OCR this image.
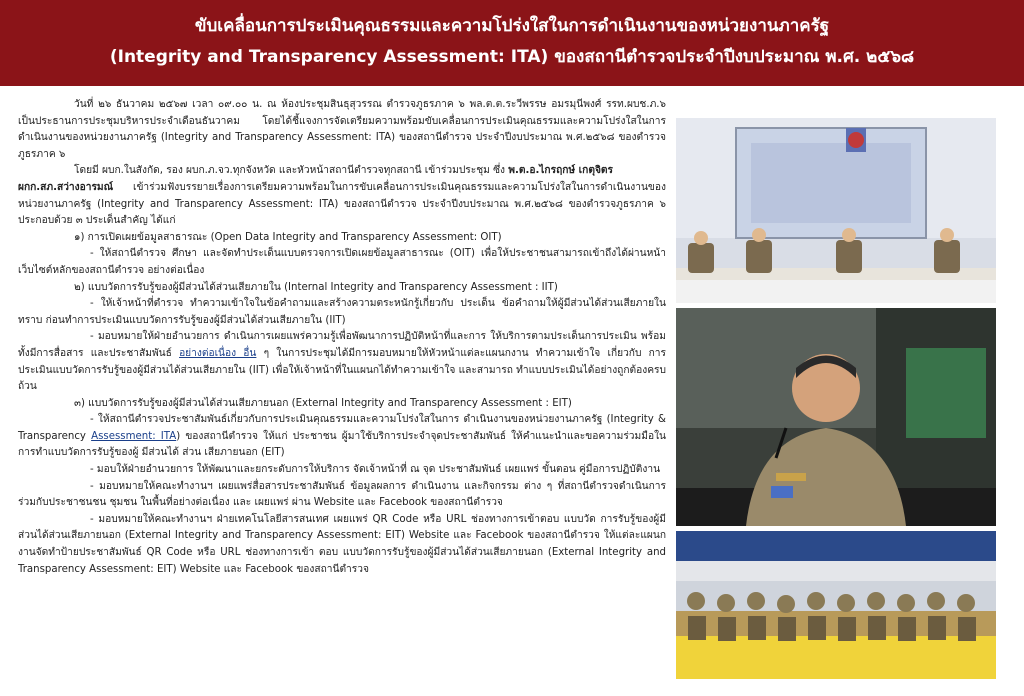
ขับเคลื่อนการประเมินคุณธรรมและความโปร่งใสในการดำเนินงานของหน่วยงานภาครัฐ
(Integrity and Transparency Assessment: ITA) ของสถานีตำรวจประจำปีงบประมาณ พ.ศ. ๒๕๖๘

วันที่ ๒๖ ธันวาคม ๒๕๖๗ เวลา ๐๙.๐๐ น. ณ ห้องประชุมสินธุสุวรรณ ตำรวจภูธรภาค ๖ พล.ต.ต.ระวีพรรษ อมรมุนีพงศ์ รรท.ผบช.ภ.๖ เป็นประธานการประชุมบริหารประจำเดือนธันวาคม โดยได้ชี้แจงการจัดเตรียมความพร้อมขับเคลื่อนการประเมินคุณธรรมและความโปร่งใสในการดำเนินงานของหน่วยงานภาครัฐ (Integrity and Transparency Assessment: ITA) ของสถานีตำรวจ ประจำปีงบประมาณ พ.ศ.๒๕๖๘ ของตำรวจภูธรภาค ๖

โดยมี ผบก.ในสังกัด, รอง ผบก.ภ.จว.ทุกจังหวัด และหัวหน้าสถานีตำรวจทุกสถานี เข้าร่วมประชุม ซึ่ง พ.ต.อ.ไกรฤกษ์ เกตุจิตร
ผกก.สภ.สว่างอารมณ์ เข้าร่วมฟังบรรยายเรื่องการเตรียมความพร้อมในการขับเคลื่อนการประเมินคุณธรรมและความโปร่งใสในการดำเนินงานของหน่วยงานภาครัฐ (Integrity and Transparency Assessment: ITA) ของสถานีตำรวจ ประจำปีงบประมาณ พ.ศ.๒๕๖๘ ของตำรวจภูธรภาค ๖ ประกอบด้วย ๓ ประเด็นสำคัญ ได้แก่

๑) การเปิดเผยข้อมูลสาธารณะ (Open Data Integrity and Transparency Assessment: OIT)

- ให้สถานีตำรวจ ศึกษา และจัดทำประเด็นแบบตรวจการเปิดเผยข้อมูลสาธารณะ (OIT) เพื่อให้ประชาชนสามารถเข้าถึงได้ผ่านหน้าเว็บไซต์หลักของสถานีตำรวจ อย่างต่อเนื่อง

๒) แบบวัดการรับรู้ของผู้มีส่วนได้ส่วนเสียภายใน (Internal Integrity and Transparency Assessment : IIT)

- ให้เจ้าหน้าที่ตำรวจ ทำความเข้าใจในข้อคำถามและสร้างความตระหนักรู้เกี่ยวกับ ประเด็น ข้อคำถามให้ผู้มีส่วนได้ส่วนเสียภายในทราบ ก่อนทำการประเมินแบบวัดการรับรู้ของผู้มีส่วนได้ส่วนเสียภายใน (IIT)

- มอบหมายให้ฝ่ายอำนวยการ ดำเนินการเผยแพร่ความรู้เพื่อพัฒนาการปฏิบัติหน้าที่และการ ให้บริการตามประเด็นการประเมิน พร้อมทั้งมีการสื่อสาร และประชาสัมพันธ์ อย่างต่อเนื่อง อื่น ๆ ในการประชุมได้มีการมอบหมายให้หัวหน้าแต่ละแผนกงาน ทำความเข้าใจ เกี่ยวกับ การประเมินแบบวัดการรับรู้ของผู้มีส่วนได้ส่วนเสียภายใน (IIT) เพื่อให้เจ้าหน้าที่ในแผนกได้ทำความเข้าใจ และสามารถ ทำแบบประเมินได้อย่างถูกต้องครบถ้วน

๓) แบบวัดการรับรู้ของผู้มีส่วนได้ส่วนเสียภายนอก (External Integrity and Transparency Assessment : EIT)

- ให้สถานีตำรวจประชาสัมพันธ์เกี่ยวกับการประเมินคุณธรรมและความโปร่งใสในการ ดำเนินงานของหน่วยงานภาครัฐ (Integrity & Transparency Assessment: ITA) ของสถานีตำรวจ ให้แก่ ประชาชน ผู้มาใช้บริการประจำจุดประชาสัมพันธ์ ให้คำแนะนำและขอความร่วมมือในการทำแบบวัดการรับรู้ของผู้ มีส่วนได้ ส่วน เสียภายนอก (EIT)

- มอบให้ฝ่ายอำนวยการ ให้พัฒนาและยกระดับการให้บริการ จัดเจ้าหน้าที่ ณ จุด ประชาสัมพันธ์ เผยแพร่ ขั้นตอน คู่มือการปฏิบัติงาน

- มอบหมายให้คณะทำงานฯ เผยแพร่สื่อสารประชาสัมพันธ์ ข้อมูลผลการ ดำเนินงาน และกิจกรรม ต่าง ๆ ที่สถานีตำรวจดำเนินการร่วมกับประชาชนชน ชุมชน ในพื้นที่อย่างต่อเนื่อง และ เผยแพร่ ผ่าน Website และ Facebook ของสถานีตำรวจ

- มอบหมายให้คณะทำงานฯ ฝ่ายเทคโนโลยีสารสนเทศ เผยแพร่ QR Code หรือ URL ช่องทางการเข้าตอบ แบบวัด การรับรู้ของผู้มีส่วนได้ส่วนเสียภายนอก (External Integrity and Transparency Assessment: EIT) Website และ Facebook ของสถานีตำรวจ ให้แต่ละแผนกงานจัดทำป้ายประชาสัมพันธ์ QR Code หรือ URL ช่องทางการเข้า ตอบ แบบวัดการรับรู้ของผู้มีส่วนได้ส่วนเสียภายนอก (External Integrity and Transparency Assessment: EIT) Website และ Facebook ของสถานีตำรวจ
